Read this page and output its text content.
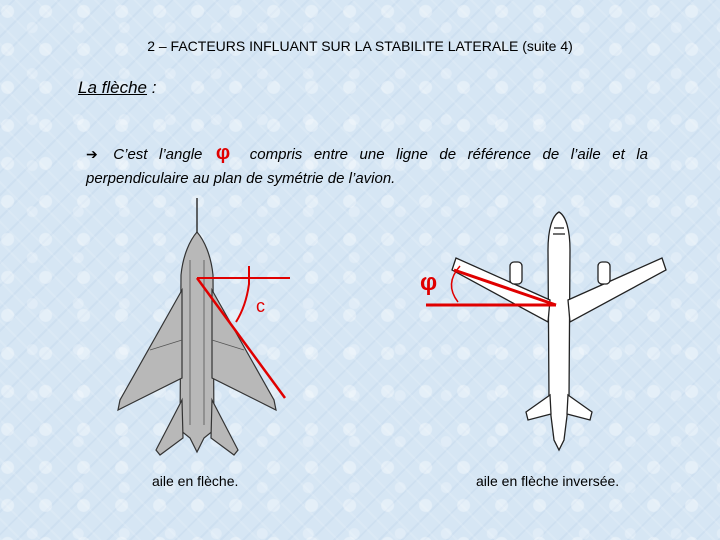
2 – FACTEURS INFLUANT SUR LA STABILITE LATERALE (suite 4)
La flèche :
➔ C’est l’angle φ compris entre une ligne de référence de l’aile et la perpendiculaire au plan de symétrie de l’avion.
c
φ
aile en flèche.	aile en flèche inversée.
